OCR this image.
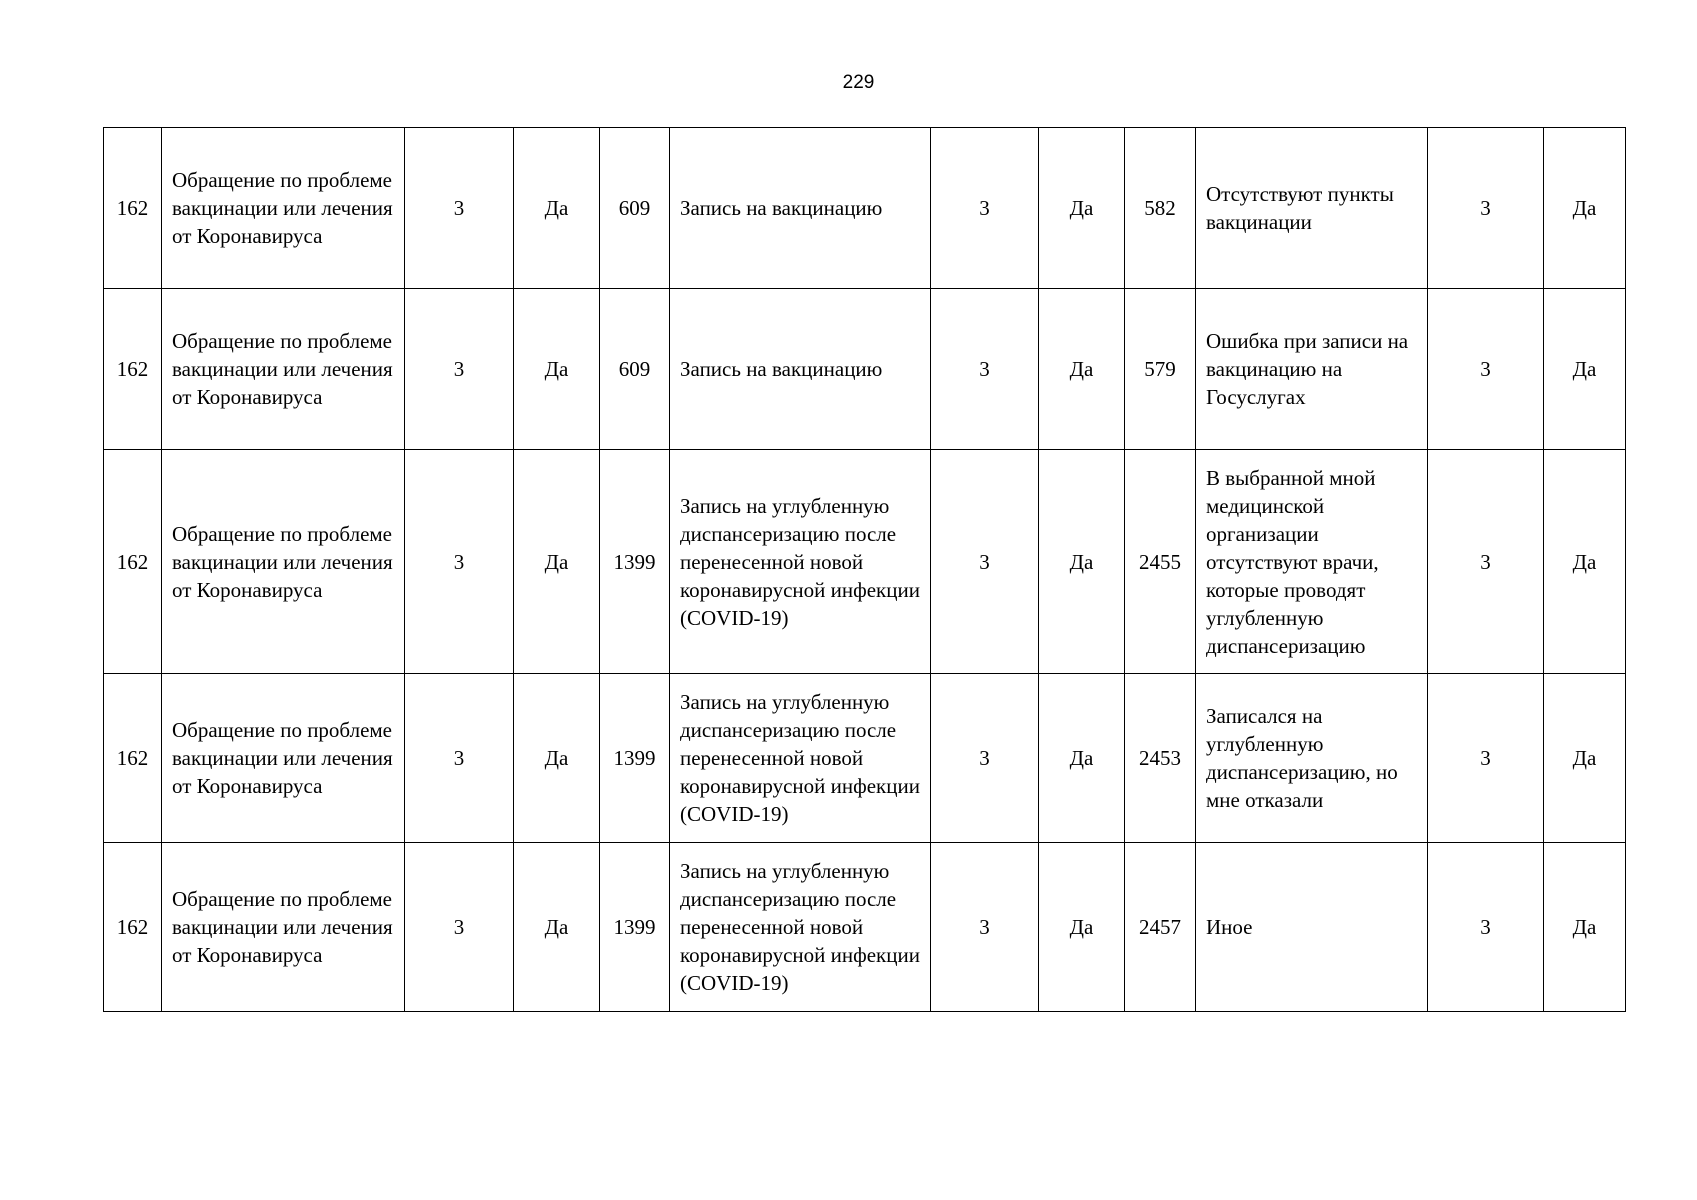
229
162	Обращение по проблеме вакцинации или лечения от Коронавируса	3	Да	609	Запись на вакцинацию	3	Да	582	Отсутствуют пункты вакцинации	3	Да
162	Обращение по проблеме вакцинации или лечения от Коронавируса	3	Да	609	Запись на вакцинацию	3	Да	579	Ошибка при записи на вакцинацию на Госуслугах	3	Да
162	Обращение по проблеме вакцинации или лечения от Коронавируса	3	Да	1399	Запись на углубленную диспансеризацию после перенесенной новой коронавирусной инфекции (COVID-19)	3	Да	2455	В выбранной мной медицинской организации отсутствуют врачи, которые проводят углубленную диспансеризацию	3	Да
162	Обращение по проблеме вакцинации или лечения от Коронавируса	3	Да	1399	Запись на углубленную диспансеризацию после перенесенной новой коронавирусной инфекции (COVID-19)	3	Да	2453	Записался на углубленную диспансеризацию, но мне отказали	3	Да
162	Обращение по проблеме вакцинации или лечения от Коронавируса	3	Да	1399	Запись на углубленную диспансеризацию после перенесенной новой коронавирусной инфекции (COVID-19)	3	Да	2457	Иное	3	Да
